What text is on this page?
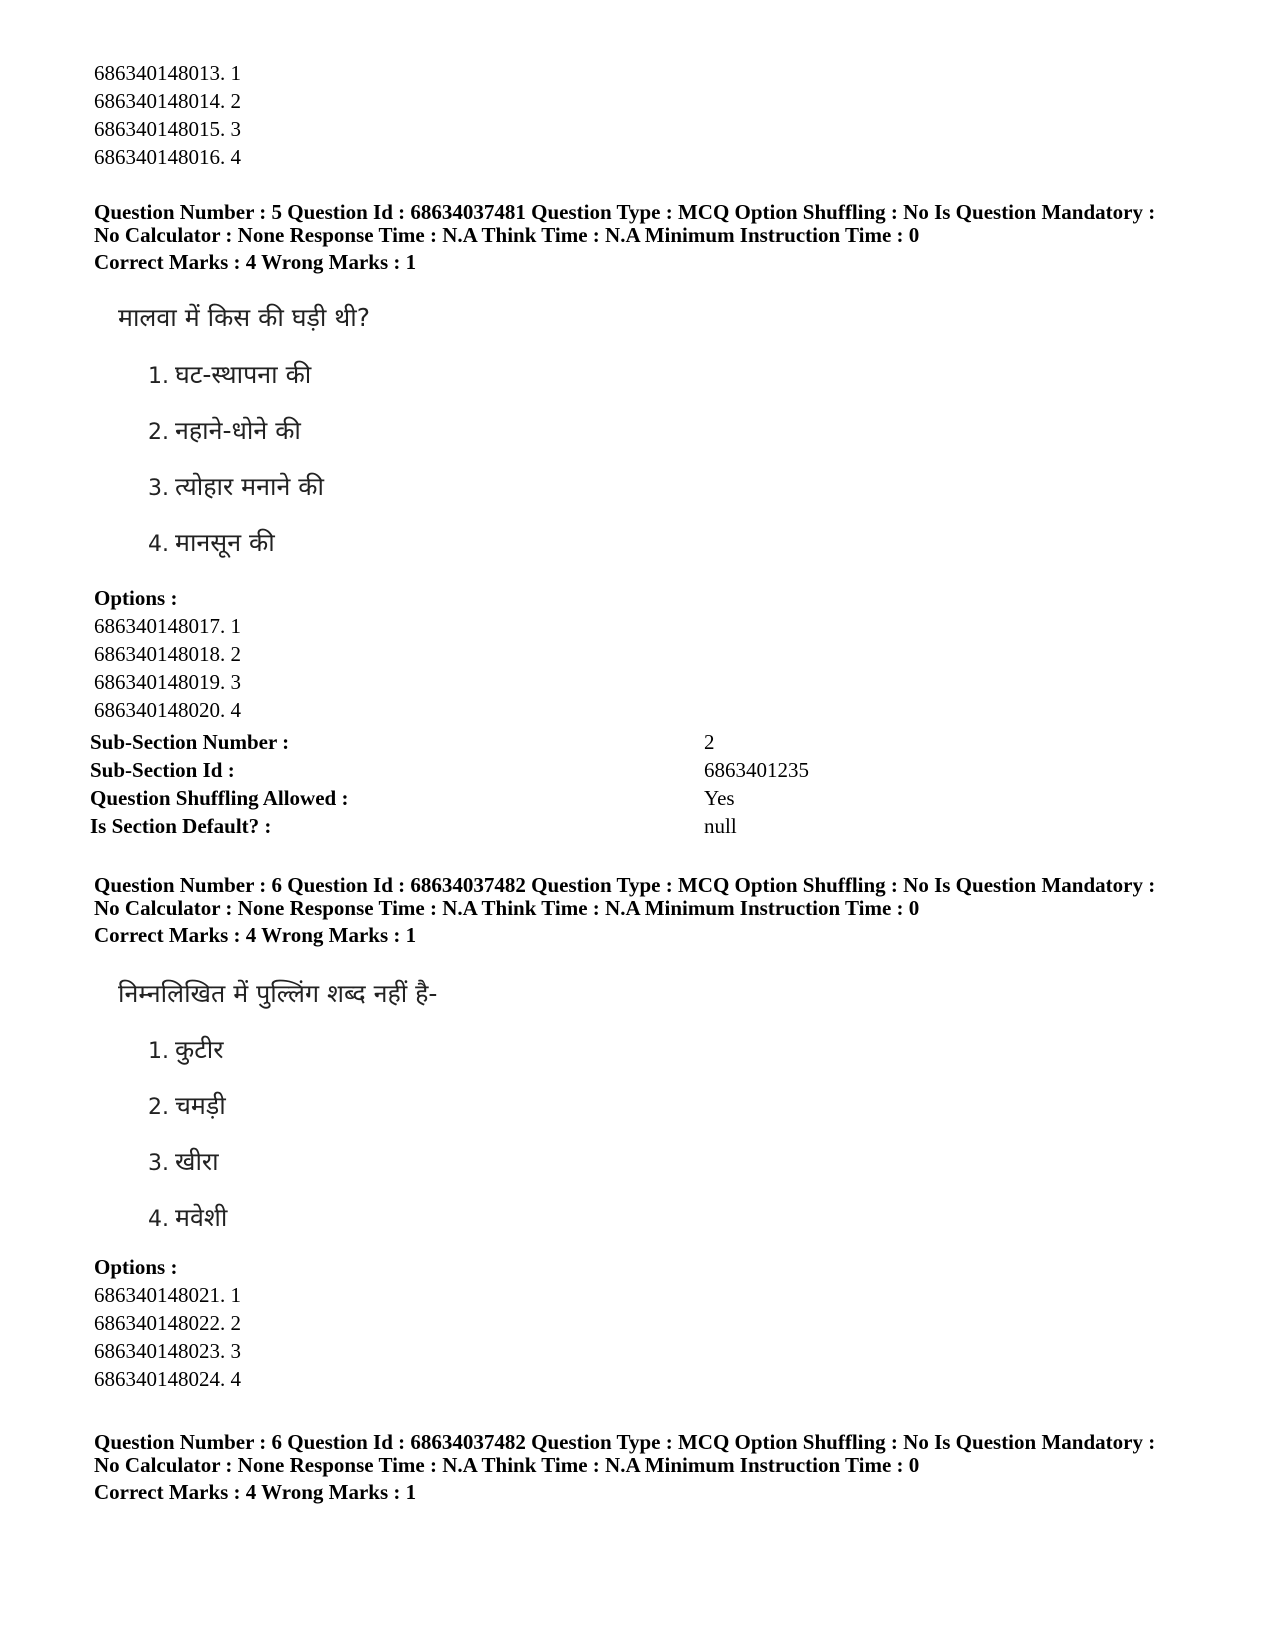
686340148013. 1
686340148014. 2
686340148015. 3
686340148016. 4
Question Number : 5 Question Id : 68634037481 Question Type : MCQ Option Shuffling : No Is Question Mandatory :
No Calculator : None Response Time : N.A Think Time : N.A Minimum Instruction Time : 0
Correct Marks : 4 Wrong Marks : 1
मालवा में किस की घड़ी थी?
1. घट-स्थापना की
2. नहाने-धोने की
3. त्योहार मनाने की
4. मानसून की
Options :
686340148017. 1
686340148018. 2
686340148019. 3
686340148020. 4
Sub-Section Number :	2
Sub-Section Id :	6863401235
Question Shuffling Allowed :	Yes
Is Section Default? :	null
Question Number : 6 Question Id : 68634037482 Question Type : MCQ Option Shuffling : No Is Question Mandatory :
No Calculator : None Response Time : N.A Think Time : N.A Minimum Instruction Time : 0
Correct Marks : 4 Wrong Marks : 1
निम्नलिखित में पुल्लिंग शब्द नहीं है-
1. कुटीर
2. चमड़ी
3. खीरा
4. मवेशी
Options :
686340148021. 1
686340148022. 2
686340148023. 3
686340148024. 4
Question Number : 6 Question Id : 68634037482 Question Type : MCQ Option Shuffling : No Is Question Mandatory :
No Calculator : None Response Time : N.A Think Time : N.A Minimum Instruction Time : 0
Correct Marks : 4 Wrong Marks : 1
